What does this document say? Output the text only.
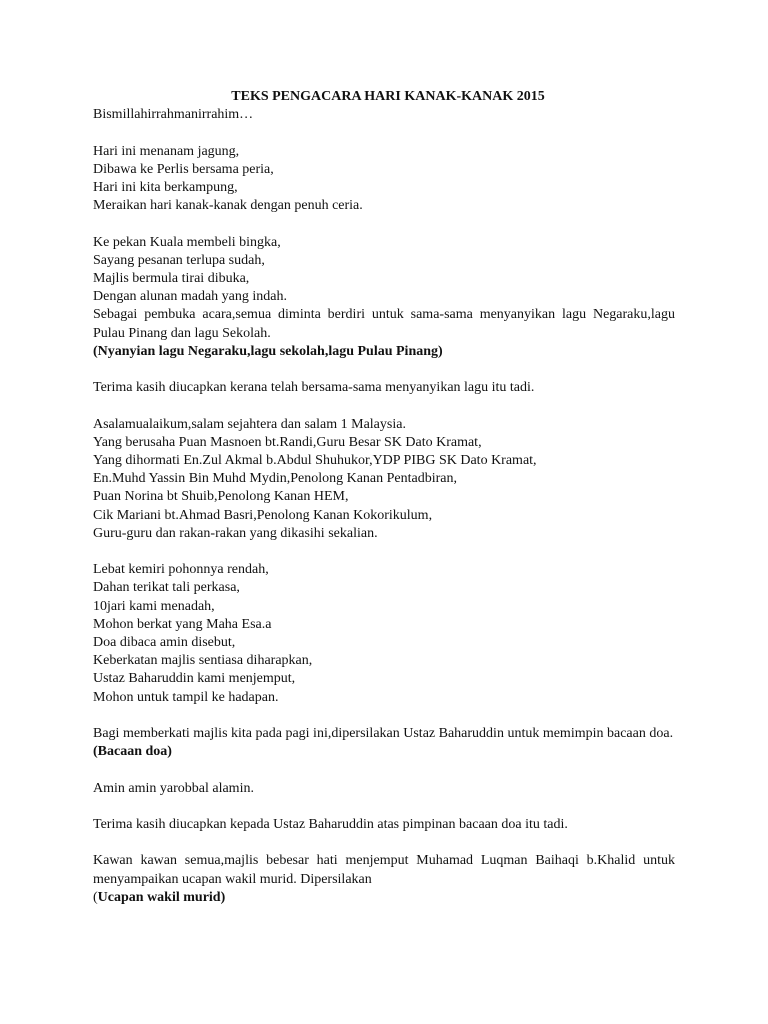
TEKS PENGACARA HARI KANAK-KANAK 2015

Bismillahirrahmanirrahim…

Hari ini menanam jagung,

Dibawa ke Perlis bersama peria,

Hari ini kita berkampung,

Meraikan hari kanak-kanak dengan penuh ceria.

Ke pekan Kuala membeli bingka,

Sayang pesanan terlupa sudah,

Majlis bermula tirai dibuka,

Dengan alunan madah yang indah.

Sebagai pembuka acara,semua diminta berdiri untuk sama-sama menyanyikan lagu Negaraku,lagu Pulau Pinang dan lagu Sekolah.

(Nyanyian lagu Negaraku,lagu sekolah,lagu Pulau Pinang)

Terima kasih diucapkan kerana telah bersama-sama menyanyikan lagu itu tadi.

Asalamualaikum,salam sejahtera dan salam 1 Malaysia.

Yang berusaha Puan Masnoen bt.Randi,Guru Besar SK Dato Kramat,

Yang dihormati En.Zul Akmal b.Abdul Shuhukor,YDP PIBG SK Dato Kramat,

En.Muhd Yassin Bin Muhd Mydin,Penolong Kanan Pentadbiran,

Puan Norina bt Shuib,Penolong Kanan HEM,

Cik Mariani bt.Ahmad Basri,Penolong Kanan Kokorikulum,

Guru-guru dan rakan-rakan yang dikasihi sekalian.

Lebat kemiri pohonnya rendah,

Dahan terikat tali perkasa,

10jari kami menadah,

Mohon berkat yang Maha Esa.a

Doa dibaca amin disebut,

Keberkatan majlis sentiasa diharapkan,

Ustaz Baharuddin kami menjemput,

Mohon untuk tampil ke hadapan.

Bagi memberkati majlis kita pada pagi ini,dipersilakan Ustaz Baharuddin untuk memimpin bacaan doa.

(Bacaan doa)

Amin amin yarobbal alamin.

Terima kasih diucapkan kepada Ustaz Baharuddin atas pimpinan bacaan doa itu tadi.

Kawan kawan semua,majlis bebesar hati menjemput Muhamad Luqman Baihaqi b.Khalid untuk menyampaikan ucapan wakil murid. Dipersilakan

(Ucapan wakil murid)
